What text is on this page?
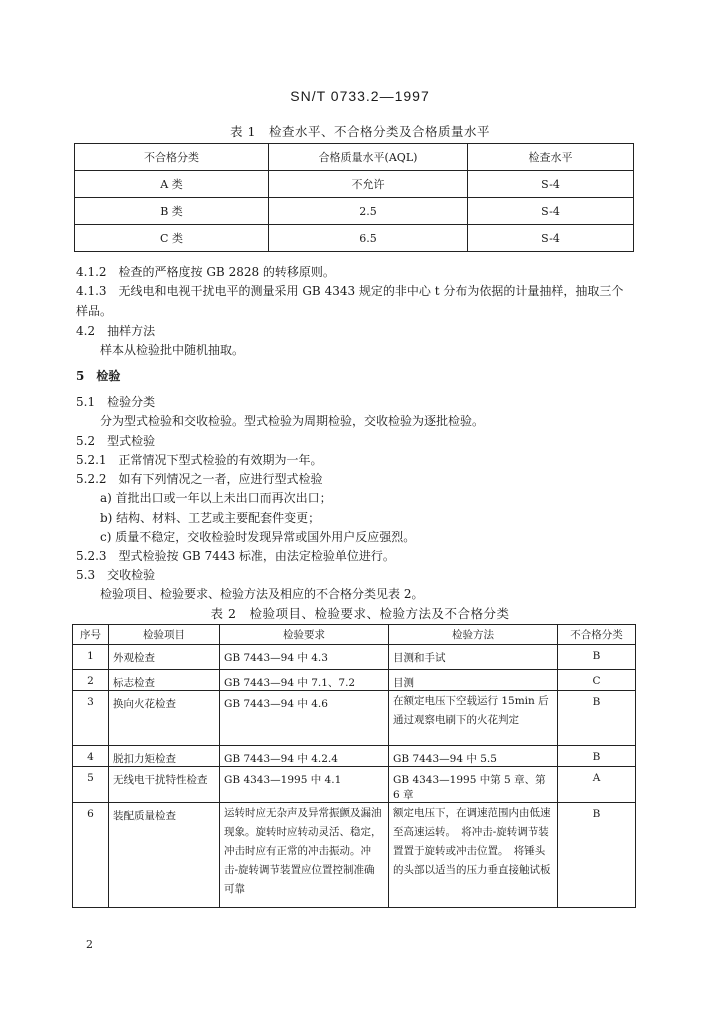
SN/T 0733.2—1997
表 1　检查水平、不合格分类及合格质量水平
不合格分类	合格质量水平(AQL)	检查水平
A 类	不允许	S-4
B 类	2.5	S-4
C 类	6.5	S-4
4.1.2　检查的严格度按 GB 2828 的转移原则。
4.1.3　无线电和电视干扰电平的测量采用 GB 4343 规定的非中心 t 分布为依据的计量抽样，抽取三个
样品。
4.2　抽样方法
样本从检验批中随机抽取。
5　检验
5.1　检验分类
分为型式检验和交收检验。型式检验为周期检验，交收检验为逐批检验。
5.2　型式检验
5.2.1　正常情况下型式检验的有效期为一年。
5.2.2　如有下列情况之一者，应进行型式检验
a) 首批出口或一年以上未出口而再次出口；
b) 结构、材料、工艺或主要配套件变更；
c) 质量不稳定，交收检验时发现异常或国外用户反应强烈。
5.2.3　型式检验按 GB 7443 标准，由法定检验单位进行。
5.3　交收检验
检验项目、检验要求、检验方法及相应的不合格分类见表 2。
表 2　检验项目、检验要求、检验方法及不合格分类
序号	检验项目	检验要求	检验方法	不合格分类
1	外观检查	GB 7443—94 中 4.3	目测和手试	B
2	标志检查	GB 7443—94 中 7.1、7.2	目测	C
3	换向火花检查	GB 7443—94 中 4.6	在额定电压下空载运行 15min 后通过观察电刷下的火花判定	B
4	脱扣力矩检查	GB 7443—94 中 4.2.4	GB 7443—94 中 5.5	B
5	无线电干扰特性检查	GB 4343—1995 中 4.1	GB 4343—1995 中第 5 章、第 6 章	A
6	装配质量检查	运转时应无杂声及异常振颤及漏油现象。旋转时应转动灵活、稳定，冲击时应有正常的冲击振动。冲击-旋转调节装置应位置控制准确可靠	额定电压下，在调速范围内由低速至高速运转。　将冲击-旋转调节装置置于旋转或冲击位置。　将锤头的头部以适当的压力垂直接触试板	B
2
